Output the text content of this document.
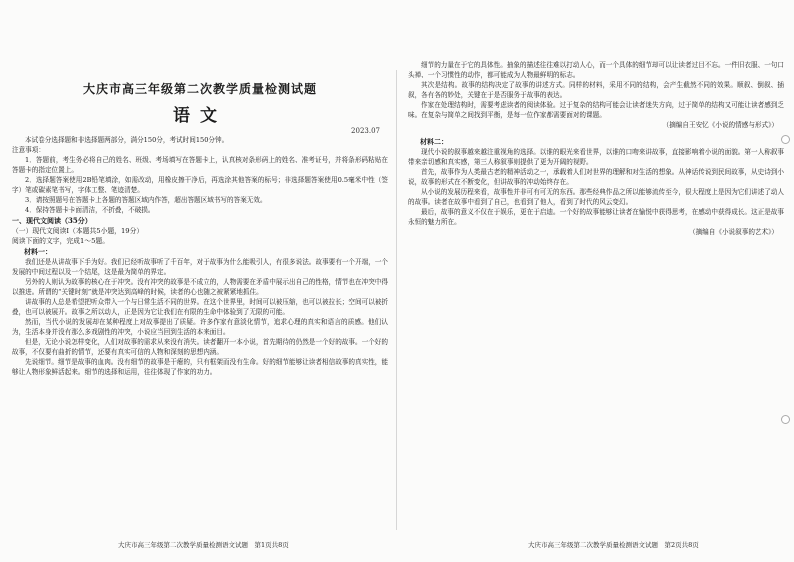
大庆市高三年级第二次教学质量检测试题

语文

2023.07

本试卷分选择题和非选择题两部分，满分150分，考试时间150分钟。

注意事项：

1．答题前，考生务必将自己的姓名、班级、考场填写在答题卡上，认真核对条形码上的姓名、准考证号，并将条形码粘贴在答题卡的指定位置上。

2．选择题答案使用2B铅笔填涂，如需改动，用橡皮擦干净后，再选涂其他答案的标号；非选择题答案使用0.5毫米中性（签字）笔或碳素笔书写，字体工整、笔迹清楚。

3．请按照题号在答题卡上各题的答题区域内作答，超出答题区域书写的答案无效。

4．保持答题卡卡面清洁，不折叠，不破损。

一、现代文阅读（35分）

（一）现代文阅读Ⅰ（本题共5小题，19分）

阅读下面的文字，完成1～5题。

材料一：

我们还是从讲故事下手为好。我们已经听故事听了千百年，对于故事为什么能吸引人，有很多说法。故事要有一个开端，一个发展的中间过程以及一个结尾，这是最为简单的界定。

另外的人则认为故事的核心在于冲突。没有冲突的故事是不成立的，人物需要在矛盾中展示出自己的性格，情节也在冲突中得以推进。所谓的“关键时刻”就是冲突达到高峰的时候，读者的心也随之被紧紧地抓住。

讲故事的人总是希望把听众带入一个与日常生活不同的世界。在这个世界里，时间可以被压缩，也可以被拉长；空间可以被折叠，也可以被展开。故事之所以动人，正是因为它让我们在有限的生命中体验到了无限的可能。

然而，当代小说的发展却在某种程度上对故事提出了质疑。许多作家有意淡化情节，追求心理的真实和语言的质感。他们认为，生活本身并没有那么多戏剧性的冲突，小说应当回到生活的本来面目。

但是，无论小说怎样变化，人们对故事的需求从来没有消失。读者翻开一本小说，首先期待的仍然是一个好的故事。一个好的故事，不仅要有曲折的情节，还要有真实可信的人物和深刻的思想内涵。

先说细节。细节是故事的血肉。没有细节的故事是干瘪的，只有框架而没有生命。好的细节能够让读者相信故事的真实性，能够让人物形象鲜活起来。细节的选择和运用，往往体现了作家的功力。

细节的力量在于它的具体性。抽象的描述往往难以打动人心，而一个具体的细节却可以让读者过目不忘。一件旧衣服、一句口头禅、一个习惯性的动作，都可能成为人物最鲜明的标志。

其次是结构。故事的结构决定了故事的讲述方式。同样的材料，采用不同的结构，会产生截然不同的效果。顺叙、倒叙、插叙，各有各的妙处，关键在于是否服务于故事的表达。

作家在处理结构时，需要考虑读者的阅读体验。过于复杂的结构可能会让读者迷失方向，过于简单的结构又可能让读者感到乏味。在复杂与简单之间找到平衡，是每一位作家都需要面对的课题。

（摘编自王安忆《小说的情感与形式》）

材料二：

现代小说的叙事越来越注重视角的选择。以谁的眼光来看世界，以谁的口吻来讲故事，直接影响着小说的面貌。第一人称叙事带来亲切感和真实感，第三人称叙事则提供了更为开阔的视野。

首先，故事作为人类最古老的精神活动之一，承载着人们对世界的理解和对生活的想象。从神话传说到民间故事，从史诗到小说，故事的形式在不断变化，但讲故事的冲动始终存在。

从小说的发展历程来看，故事性并非可有可无的东西。那些经典作品之所以能够流传至今，很大程度上是因为它们讲述了动人的故事。读者在故事中看到了自己，也看到了他人，看到了时代的风云变幻。

最后，故事的意义不仅在于娱乐，更在于启迪。一个好的故事能够让读者在愉悦中获得思考，在感动中获得成长。这正是故事永恒的魅力所在。

（摘编自《小说叙事的艺术》）

大庆市高三年级第二次教学质量检测语文试题　第1页共8页	大庆市高三年级第二次教学质量检测语文试题　第2页共8页
